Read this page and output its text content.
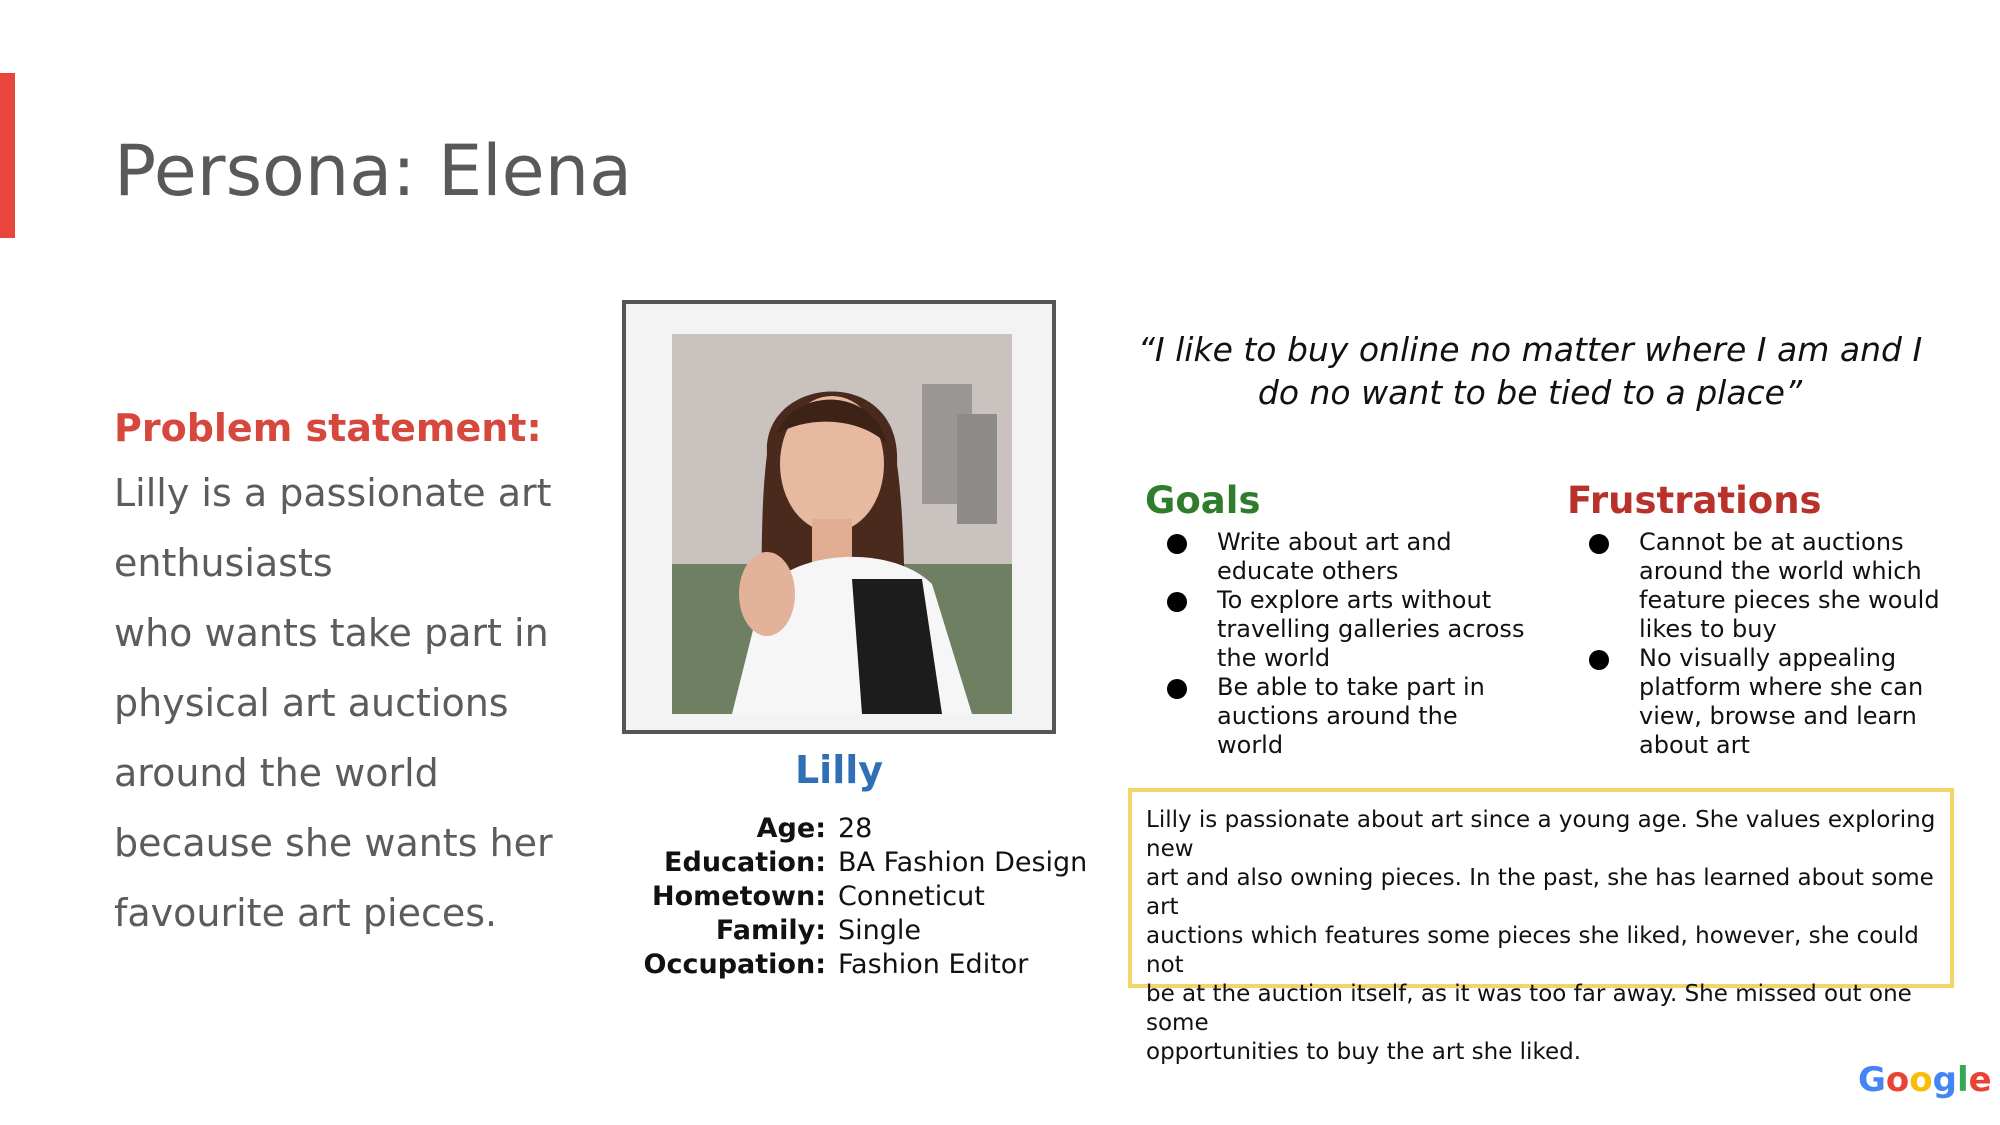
Persona: Elena
Problem statement:
Lilly is a passionate art
enthusiasts
who wants take part in
physical art auctions
around the world
because she wants her
favourite art pieces.
Lilly
Age: 28
Education: BA Fashion Design
Hometown: Conneticut
Family: Single
Occupation: Fashion Editor
“I like to buy online no matter where I am and I
do no want to be tied to a place”
Goals
Write about art and
educate others
To explore arts without
travelling galleries across
the world
Be able to take part in
auctions around the world
Frustrations
Cannot be at auctions
around the world which
feature pieces she would
likes to buy
No visually appealing
platform where she can
view, browse and learn
about art
Lilly is passionate about art since a young age. She values exploring new
art and also owning pieces. In the past, she has learned about some art
auctions which features some pieces she liked, however, she could not
be at the auction itself, as it was too far away. She missed out one some
opportunities to buy the art she liked.
Google
